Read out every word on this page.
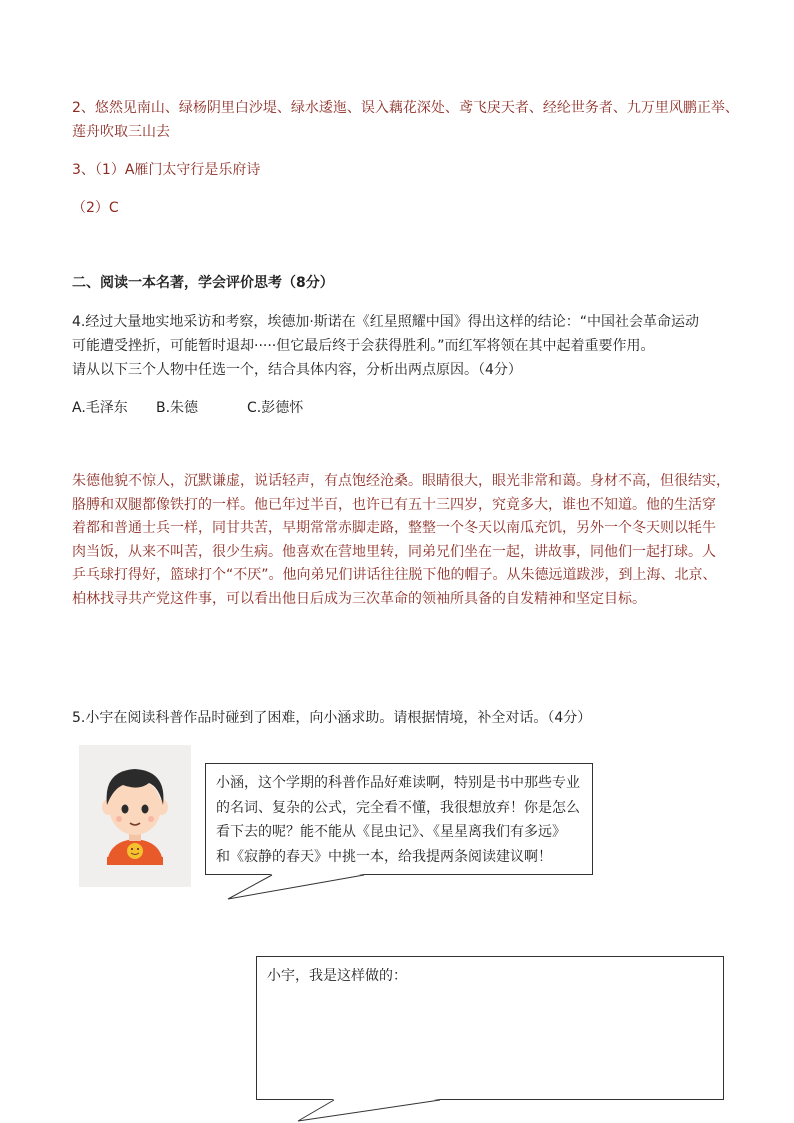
2、悠然见南山、绿杨阴里白沙堤、绿水逶迤、误入藕花深处、鸢飞戾天者、经纶世务者、九万里风鹏正举、
莲舟吹取三山去
3、（1）A雁门太守行是乐府诗
（2）C
二、阅读一本名著，学会评价思考（8分）
4.经过大量地实地采访和考察，埃德加·斯诺在《红星照耀中国》得出这样的结论：“中国社会革命运动
可能遭受挫折，可能暂时退却·····但它最后终于会获得胜利。”而红军将领在其中起着重要作用。
请从以下三个人物中任选一个，结合具体内容，分析出两点原因。（4分）
A.毛泽东 B.朱德	C.彭德怀
朱德他貌不惊人，沉默谦虚，说话轻声，有点饱经沧桑。眼睛很大，眼光非常和蔼。身材不高，但很结实，
胳膊和双腿都像铁打的一样。他已年过半百，也许已有五十三四岁，究竟多大，谁也不知道。他的生活穿
着都和普通士兵一样，同甘共苦，早期常常赤脚走路，整整一个冬天以南瓜充饥，另外一个冬天则以牦牛
肉当饭，从来不叫苦，很少生病。他喜欢在营地里转，同弟兄们坐在一起，讲故事，同他们一起打球。人
乒乓球打得好，篮球打个“不厌”。他向弟兄们讲话往往脱下他的帽子。从朱德远道跋涉，到上海、北京、
柏林找寻共产党这件事，可以看出他日后成为三次革命的领袖所具备的自发精神和坚定目标。
5.小宇在阅读科普作品时碰到了困难，向小涵求助。请根据情境，补全对话。（4分）
小涵，这个学期的科普作品好难读啊，特别是书中那些专业
的名词、复杂的公式，完全看不懂，我很想放弃！你是怎么
看下去的呢？能不能从《昆虫记》、《星星离我们有多远》
和《寂静的春天》中挑一本，给我提两条阅读建议啊！
小宇，我是这样做的：
